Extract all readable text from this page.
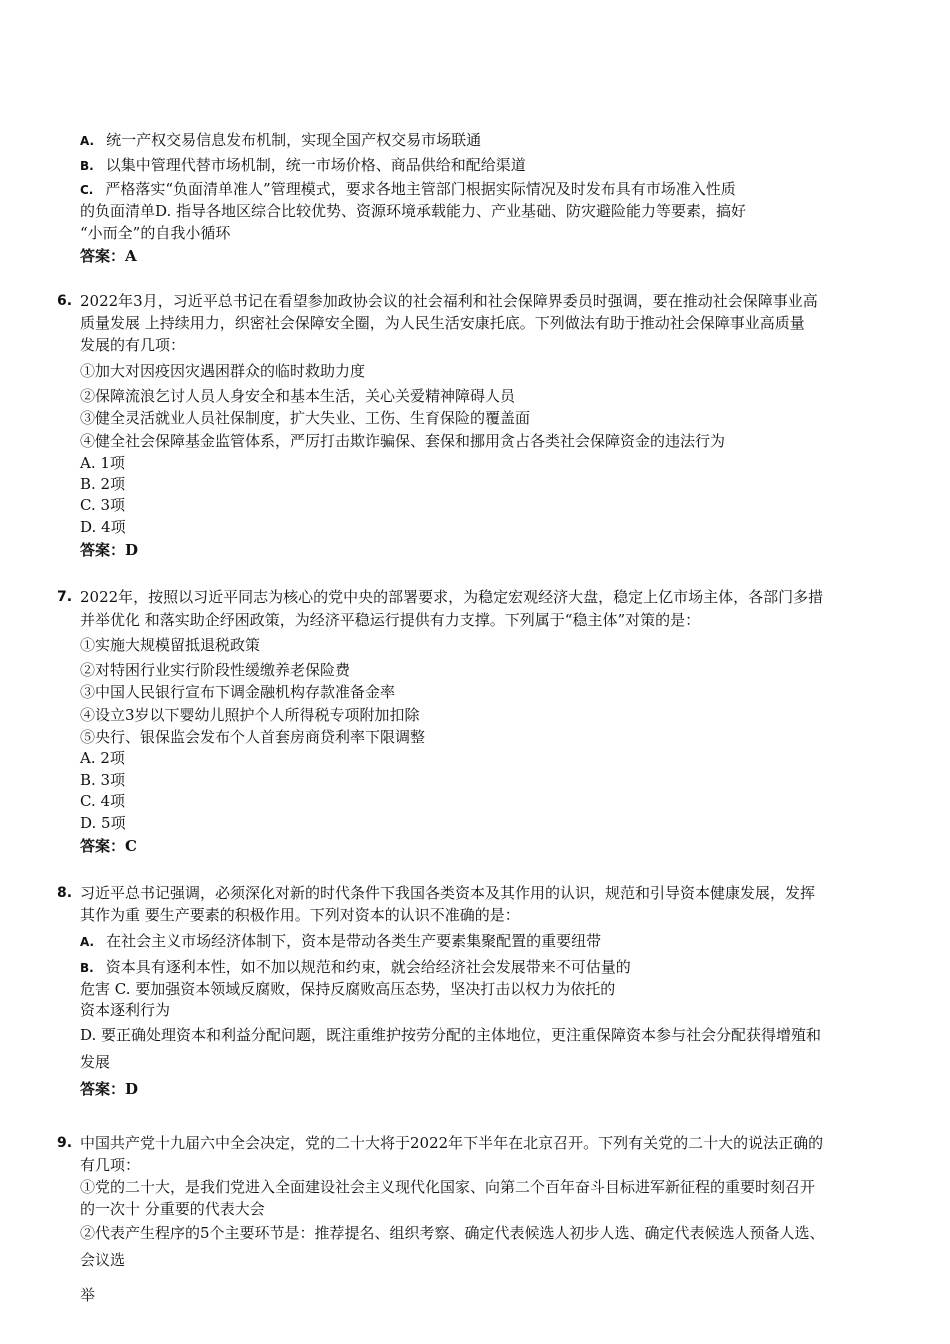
A. 统一产权交易信息发布机制，实现全国产权交易市场联通
B. 以集中管理代替市场机制，统一市场价格、商品供给和配给渠道
C. 严格落实“负面清单准人”管理模式，要求各地主管部门根据实际情况及时发布具有市场准入性质
的负面清单D. 指导各地区综合比较优势、资源环境承载能力、产业基础、防灾避险能力等要素，搞好
“小而全”的自我小循环
答案：A
6. 2022年3月，习近平总书记在看望参加政协会议的社会福利和社会保障界委员时强调，要在推动社会保障事业高
质量发展 上持续用力，织密社会保障安全圈，为人民生活安康托底。下列做法有助于推动社会保障事业高质量
发展的有几项：
①加大对因疫因灾遇困群众的临时救助力度
②保障流浪乞讨人员人身安全和基本生活，关心关爱精神障碍人员
③健全灵活就业人员社保制度，扩大失业、工伤、生育保险的覆盖面
④健全社会保障基金监管体系，严厉打击欺诈骗保、套保和挪用贪占各类社会保障资金的违法行为
A. 1项
B. 2项
C. 3项
D. 4项
答案：D
7. 2022年，按照以习近平同志为核心的党中央的部署要求，为稳定宏观经济大盘，稳定上亿市场主体，各部门多措
并举优化 和落实助企纾困政策，为经济平稳运行提供有力支撑。下列属于“稳主体”对策的是：
①实施大规模留抵退税政策
②对特困行业实行阶段性缓缴养老保险费
③中国人民银行宣布下调金融机构存款准备金率
④设立3岁以下婴幼儿照护个人所得税专项附加扣除
⑤央行、银保监会发布个人首套房商贷利率下限调整
A. 2项
B. 3项
C. 4项
D. 5项
答案：C
8. 习近平总书记强调，必须深化对新的时代条件下我国各类资本及其作用的认识，规范和引导资本健康发展，发挥
其作为重 要生产要素的积极作用。下列对资本的认识不准确的是：
A. 在社会主义市场经济体制下，资本是带动各类生产要素集聚配置的重要纽带
B. 资本具有逐利本性，如不加以规范和约束，就会给经济社会发展带来不可估量的
危害 C. 要加强资本领域反腐败，保持反腐败高压态势，坚决打击以权力为依托的
资本逐利行为
D. 要正确处理资本和利益分配问题，既注重维护按劳分配的主体地位，更注重保障资本参与社会分配获得增殖和
发展
答案：D
9. 中国共产党十九届六中全会决定，党的二十大将于2022年下半年在北京召开。下列有关党的二十大的说法正确的
有几项：
①党的二十大，是我们党进入全面建设社会主义现代化国家、向第二个百年奋斗目标进军新征程的重要时刻召开
的一次十 分重要的代表大会
②代表产生程序的5个主要环节是：推荐提名、组织考察、确定代表候选人初步人选、确定代表候选人预备人选、
会议选
举
